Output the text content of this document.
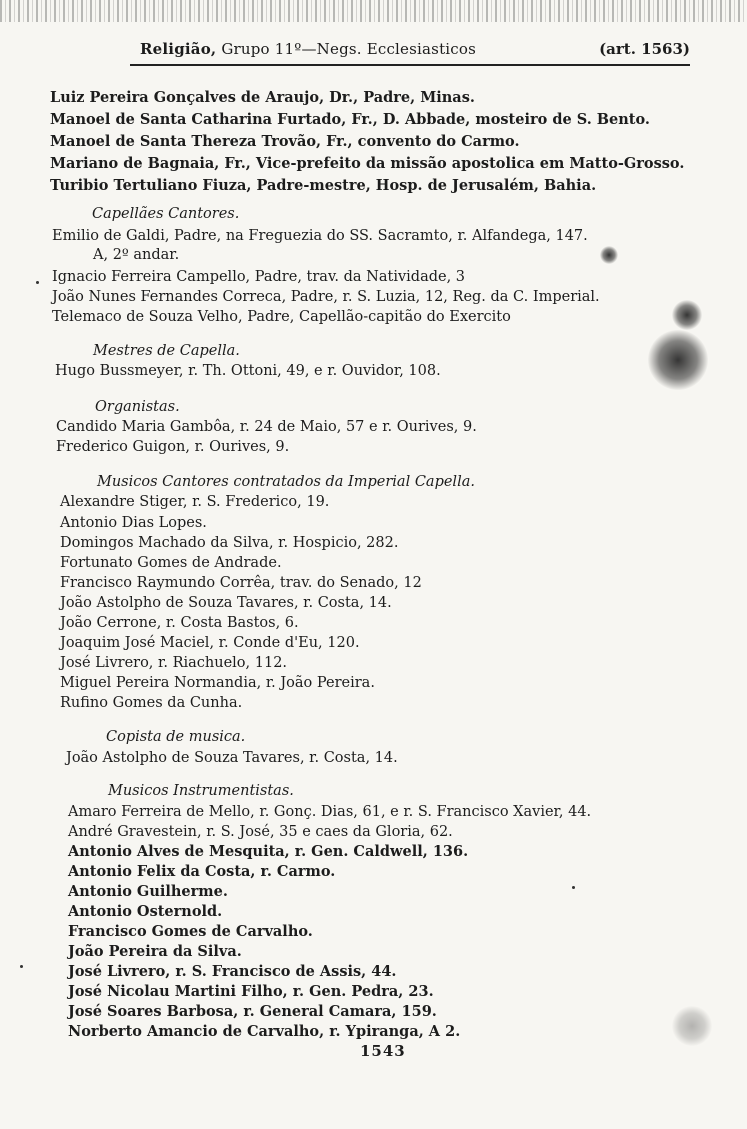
Religião, Grupo 11º—Negs. Ecclesiasticos	(art. 1563)
Luiz Pereira Gonçalves de Araujo, Dr., Padre, Minas.
Manoel de Santa Catharina Furtado, Fr., D. Abbade, mosteiro de S. Bento.
Manoel de Santa Thereza Trovão, Fr., convento do Carmo.
Mariano de Bagnaia, Fr., Vice-prefeito da missão apostolica em Matto-Grosso.
Turibio Tertuliano Fiuza, Padre-mestre, Hosp. de Jerusalém, Bahia.
Capellães Cantores.
Emilio de Galdi, Padre, na Freguezia do SS. Sacramto, r. Alfandega, 147.
A, 2º andar.
Ignacio Ferreira Campello, Padre, trav. da Natividade, 3
João Nunes Fernandes Correca, Padre, r. S. Luzia, 12, Reg. da C. Imperial.
Telemaco de Souza Velho, Padre, Capellão-capitão do Exercito
Mestres de Capella.
Hugo Bussmeyer, r. Th. Ottoni, 49, e r. Ouvidor, 108.
Organistas.
Candido Maria Gambôa, r. 24 de Maio, 57 e r. Ourives, 9.
Frederico Guigon, r. Ourives, 9.
Musicos Cantores contratados da Imperial Capella.
Alexandre Stiger, r. S. Frederico, 19.
Antonio Dias Lopes.
Domingos Machado da Silva, r. Hospicio, 282.
Fortunato Gomes de Andrade.
Francisco Raymundo Corrêa, trav. do Senado, 12
João Astolpho de Souza Tavares, r. Costa, 14.
João Cerrone, r. Costa Bastos, 6.
Joaquim José Maciel, r. Conde d'Eu, 120.
José Livrero, r. Riachuelo, 112.
Miguel Pereira Normandia, r. João Pereira.
Rufino Gomes da Cunha.
Copista de musica.
João Astolpho de Souza Tavares, r. Costa, 14.
Musicos Instrumentistas.
Amaro Ferreira de Mello, r. Gonç. Dias, 61, e r. S. Francisco Xavier, 44.
André Gravestein, r. S. José, 35 e caes da Gloria, 62.
Antonio Alves de Mesquita, r. Gen. Caldwell, 136.
Antonio Felix da Costa, r. Carmo.
Antonio Guilherme.
Antonio Osternold.
Francisco Gomes de Carvalho.
João Pereira da Silva.
José Livrero, r. S. Francisco de Assis, 44.
José Nicolau Martini Filho, r. Gen. Pedra, 23.
José Soares Barbosa, r. General Camara, 159.
Norberto Amancio de Carvalho, r. Ypiranga, A 2.
1543
